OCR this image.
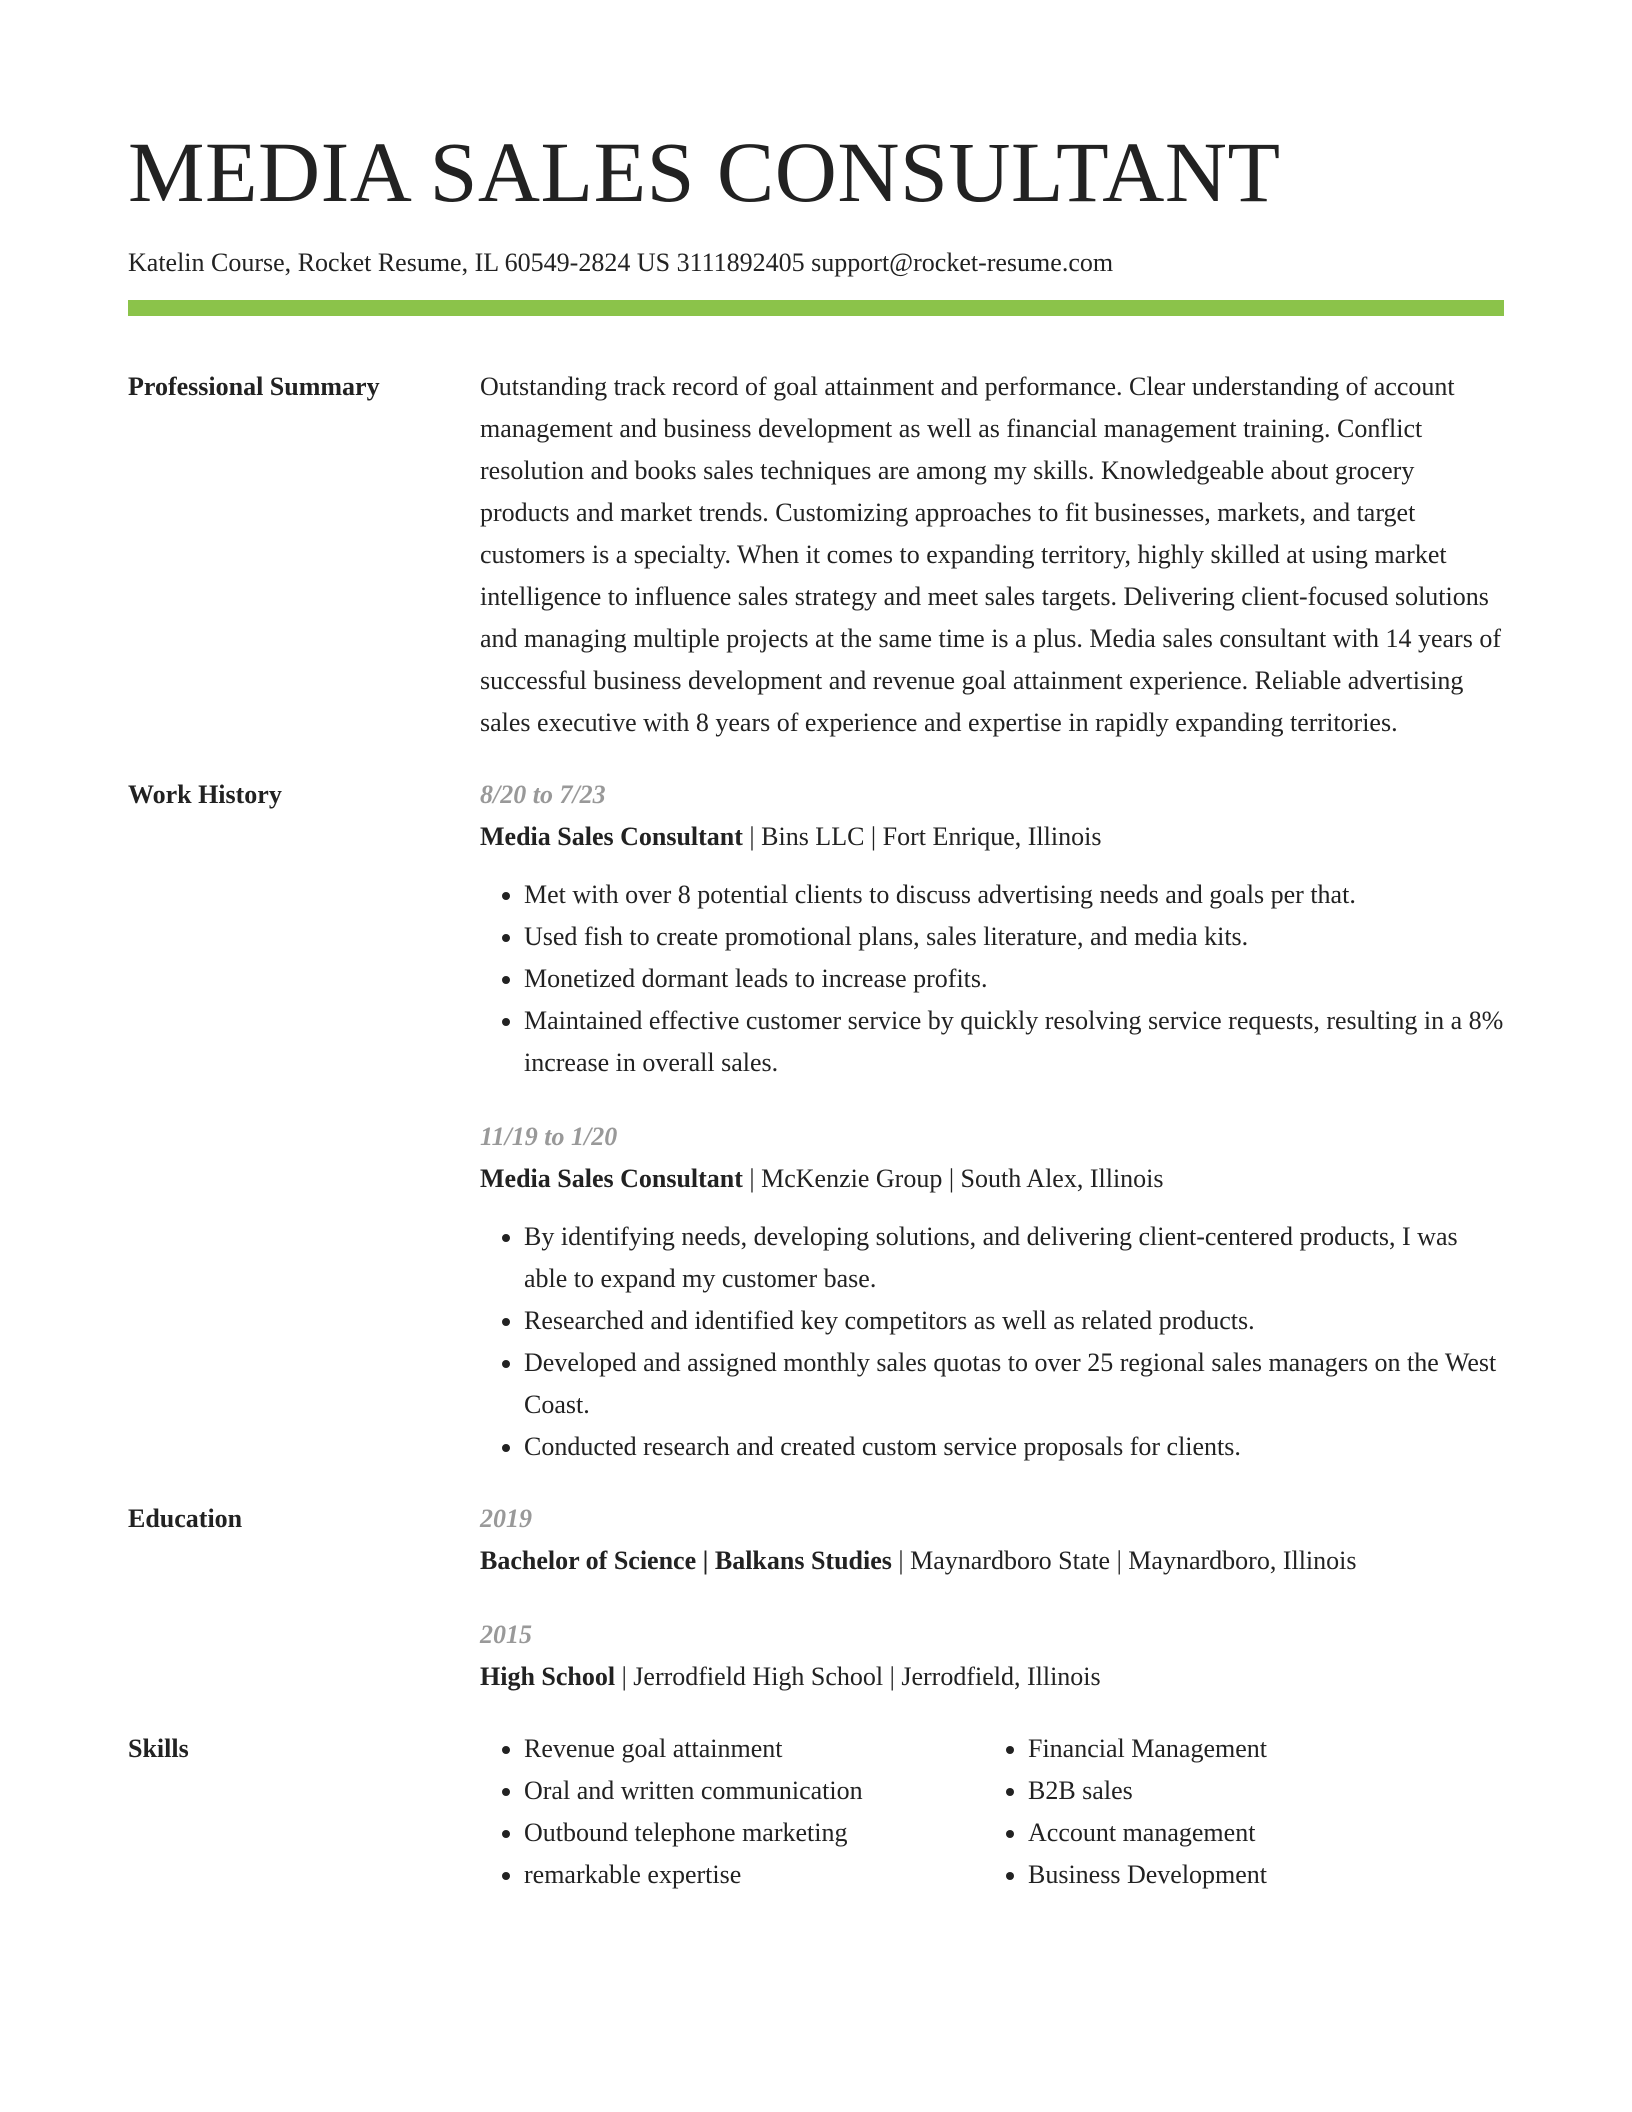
MEDIA SALES CONSULTANT
Katelin Course, Rocket Resume, IL 60549-2824 US 3111892405 support@rocket-resume.com
Professional Summary	Outstanding track record of goal attainment and performance. Clear understanding of account management and business development as well as financial management training. Conflict resolution and books sales techniques are among my skills. Knowledgeable about grocery products and market trends. Customizing approaches to fit businesses, markets, and target customers is a specialty. When it comes to expanding territory, highly skilled at using market intelligence to influence sales strategy and meet sales targets. Delivering client-focused solutions and managing multiple projects at the same time is a plus. Media sales consultant with 14 years of successful business development and revenue goal attainment experience. Reliable advertising sales executive with 8 years of experience and expertise in rapidly expanding territories.
Work History	8/20 to 7/23
Media Sales Consultant | Bins LLC | Fort Enrique, Illinois
• Met with over 8 potential clients to discuss advertising needs and goals per that.
• Used fish to create promotional plans, sales literature, and media kits.
• Monetized dormant leads to increase profits.
• Maintained effective customer service by quickly resolving service requests, resulting in a 8% increase in overall sales.
11/19 to 1/20
Media Sales Consultant | McKenzie Group | South Alex, Illinois
• By identifying needs, developing solutions, and delivering client-centered products, I was able to expand my customer base.
• Researched and identified key competitors as well as related products.
• Developed and assigned monthly sales quotas to over 25 regional sales managers on the West Coast.
• Conducted research and created custom service proposals for clients.
Education	2019
Bachelor of Science | Balkans Studies | Maynardboro State | Maynardboro, Illinois
2015
High School | Jerrodfield High School | Jerrodfield, Illinois
Skills
•	Revenue goal attainment
• Oral and written communication
• Outbound telephone marketing
• remarkable expertise
• Financial Management
• B2B sales
• Account management
• Business Development
